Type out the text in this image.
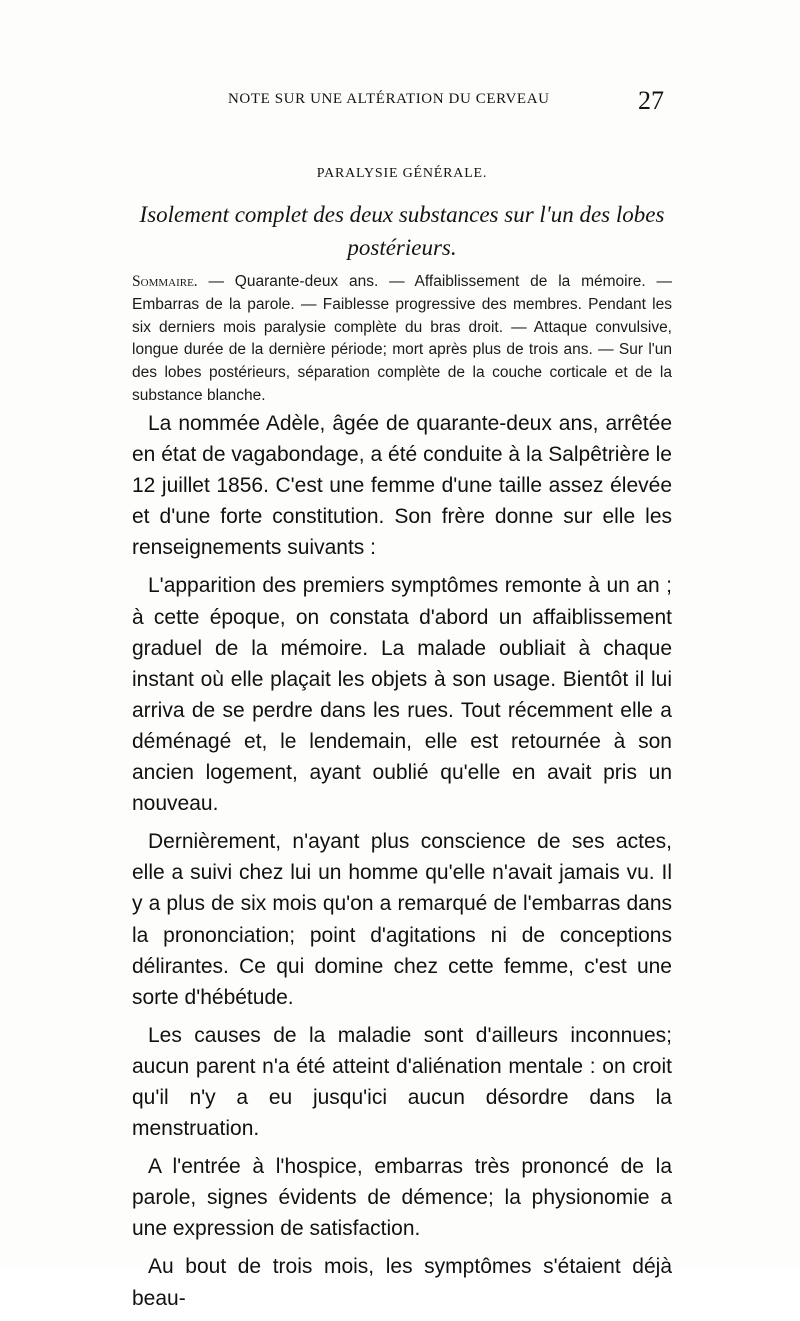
NOTE SUR UNE ALTÉRATION DU CERVEAU	27
PARALYSIE GÉNÉRALE.
Isolement complet des deux substances sur l'un des lobes postérieurs.
Sommaire. — Quarante-deux ans. — Affaiblissement de la mémoire. — Embarras de la parole. — Faiblesse progressive des membres. Pendant les six derniers mois paralysie complète du bras droit. — Attaque convulsive, longue durée de la dernière période; mort après plus de trois ans. — Sur l'un des lobes postérieurs, séparation complète de la couche corticale et de la substance blanche.

La nommée Adèle, âgée de quarante-deux ans, arrêtée en état de vagabondage, a été conduite à la Salpêtrière le 12 juillet 1856. C'est une femme d'une taille assez élevée et d'une forte constitution. Son frère donne sur elle les renseignements suivants :

L'apparition des premiers symptômes remonte à un an ; à cette époque, on constata d'abord un affaiblissement graduel de la mémoire. La malade oubliait à chaque instant où elle plaçait les objets à son usage. Bientôt il lui arriva de se perdre dans les rues. Tout récemment elle a déménagé et, le lendemain, elle est retournée à son ancien logement, ayant oublié qu'elle en avait pris un nouveau.

Dernièrement, n'ayant plus conscience de ses actes, elle a suivi chez lui un homme qu'elle n'avait jamais vu. Il y a plus de six mois qu'on a remarqué de l'embarras dans la prononciation; point d'agitations ni de conceptions délirantes. Ce qui domine chez cette femme, c'est une sorte d'hébétude.

Les causes de la maladie sont d'ailleurs inconnues; aucun parent n'a été atteint d'aliénation mentale : on croit qu'il n'y a eu jusqu'ici aucun désordre dans la menstruation.

A l'entrée à l'hospice, embarras très prononcé de la parole, signes évidents de démence; la physionomie a une expression de satisfaction.

Au bout de trois mois, les symptômes s'étaient déjà beau-
